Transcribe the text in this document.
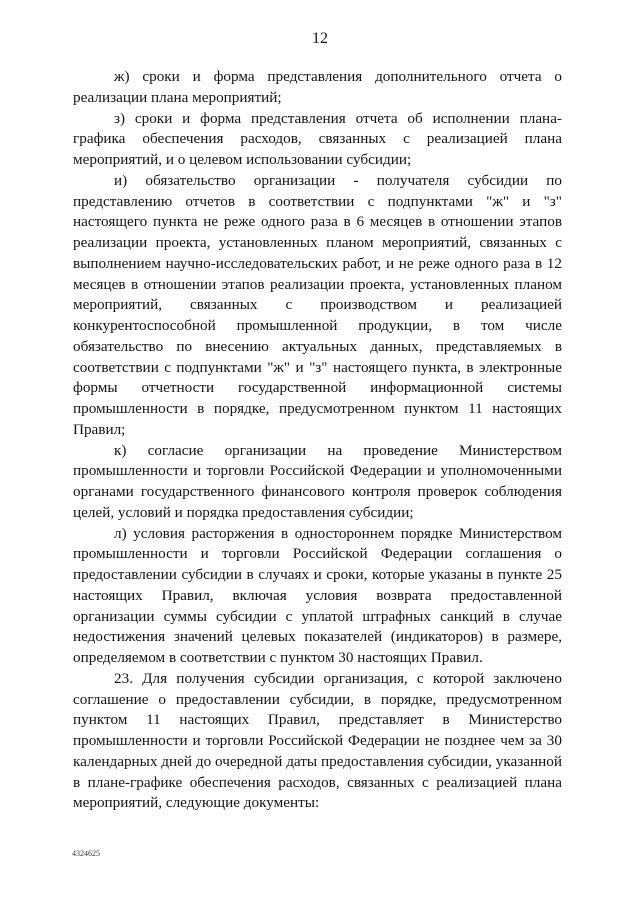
12

ж) сроки и форма представления дополнительного отчета о реализации плана мероприятий;

з) сроки и форма представления отчета об исполнении плана-графика обеспечения расходов, связанных с реализацией плана мероприятий, и о целевом использовании субсидии;

и) обязательство организации - получателя субсидии по представлению отчетов в соответствии с подпунктами "ж" и "з" настоящего пункта не реже одного раза в 6 месяцев в отношении этапов реализации проекта, установленных планом мероприятий, связанных с выполнением научно-исследовательских работ, и не реже одного раза в 12 месяцев в отношении этапов реализации проекта, установленных планом мероприятий, связанных с производством и реализацией конкурентоспособной промышленной продукции, в том числе обязательство по внесению актуальных данных, представляемых в соответствии с подпунктами "ж" и "з" настоящего пункта, в электронные формы отчетности государственной информационной системы промышленности в порядке, предусмотренном пунктом 11 настоящих Правил;

к) согласие организации на проведение Министерством промышленности и торговли Российской Федерации и уполномоченными органами государственного финансового контроля проверок соблюдения целей, условий и порядка предоставления субсидии;

л) условия расторжения в одностороннем порядке Министерством промышленности и торговли Российской Федерации соглашения о предоставлении субсидии в случаях и сроки, которые указаны в пункте 25 настоящих Правил, включая условия возврата предоставленной организации суммы субсидии с уплатой штрафных санкций в случае недостижения значений целевых показателей (индикаторов) в размере, определяемом в соответствии с пунктом 30 настоящих Правил.

23. Для получения субсидии организация, с которой заключено соглашение о предоставлении субсидии, в порядке, предусмотренном пунктом 11 настоящих Правил, представляет в Министерство промышленности и торговли Российской Федерации не позднее чем за 30 календарных дней до очередной даты предоставления субсидии, указанной в плане-графике обеспечения расходов, связанных с реализацией плана мероприятий, следующие документы:

4324625
